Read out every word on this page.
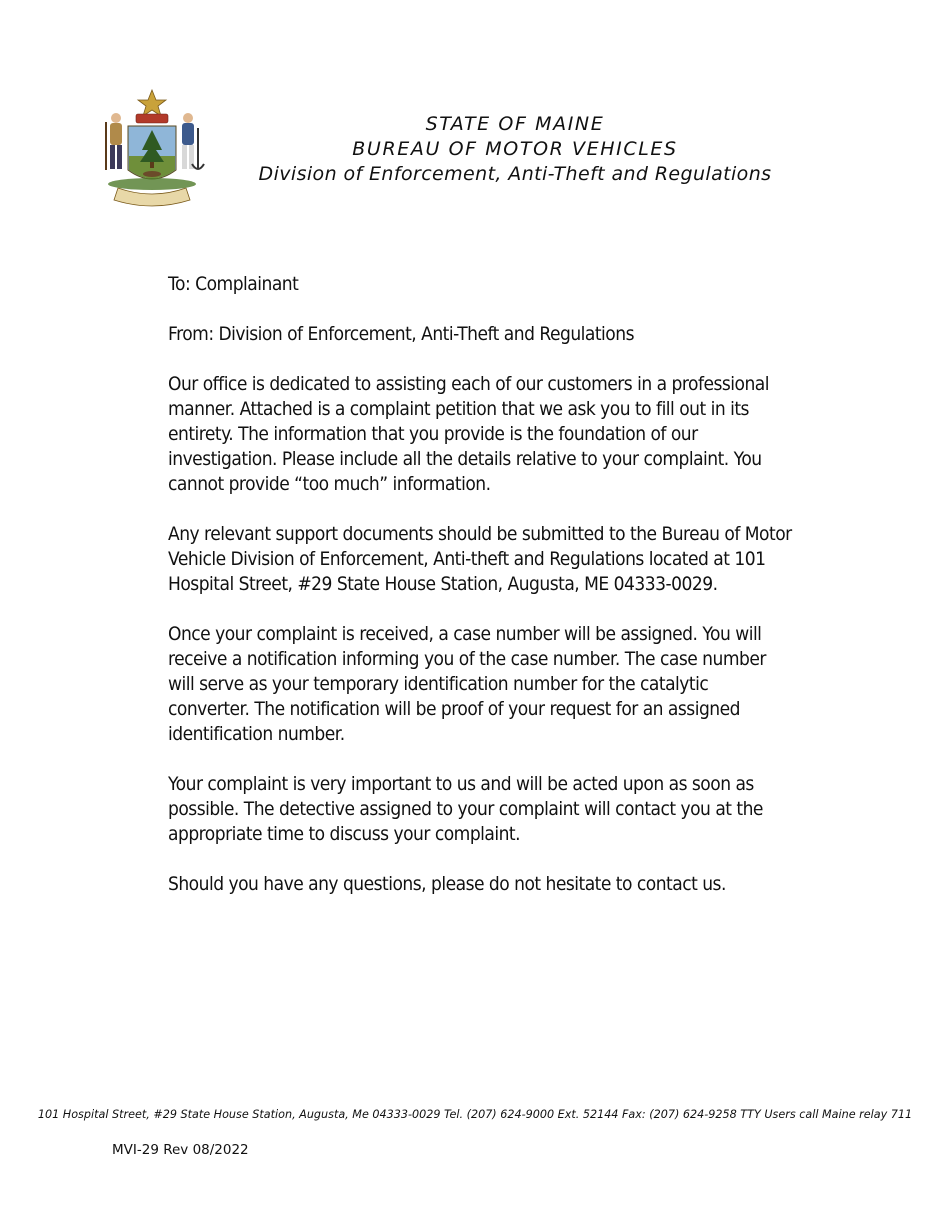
STATE OF MAINE
BUREAU OF MOTOR VEHICLES
Division of Enforcement, Anti-Theft and Regulations

To: Complainant

From: Division of Enforcement, Anti-Theft and Regulations

Our office is dedicated to assisting each of our customers in a professional
manner. Attached is a complaint petition that we ask you to fill out in its
entirety. The information that you provide is the foundation of our
investigation. Please include all the details relative to your complaint. You
cannot provide “too much” information.

Any relevant support documents should be submitted to the Bureau of Motor
Vehicle Division of Enforcement, Anti-theft and Regulations located at 101
Hospital Street, #29 State House Station, Augusta, ME 04333-0029.

Once your complaint is received, a case number will be assigned. You will
receive a notification informing you of the case number. The case number
will serve as your temporary identification number for the catalytic
converter. The notification will be proof of your request for an assigned
identification number.

Your complaint is very important to us and will be acted upon as soon as
possible. The detective assigned to your complaint will contact you at the
appropriate time to discuss your complaint.

Should you have any questions, please do not hesitate to contact us.

101 Hospital Street, #29 State House Station, Augusta, Me 04333-0029 Tel. (207) 624-9000 Ext. 52144 Fax: (207) 624-9258 TTY Users call Maine relay 711
MVI-29 Rev 08/2022
